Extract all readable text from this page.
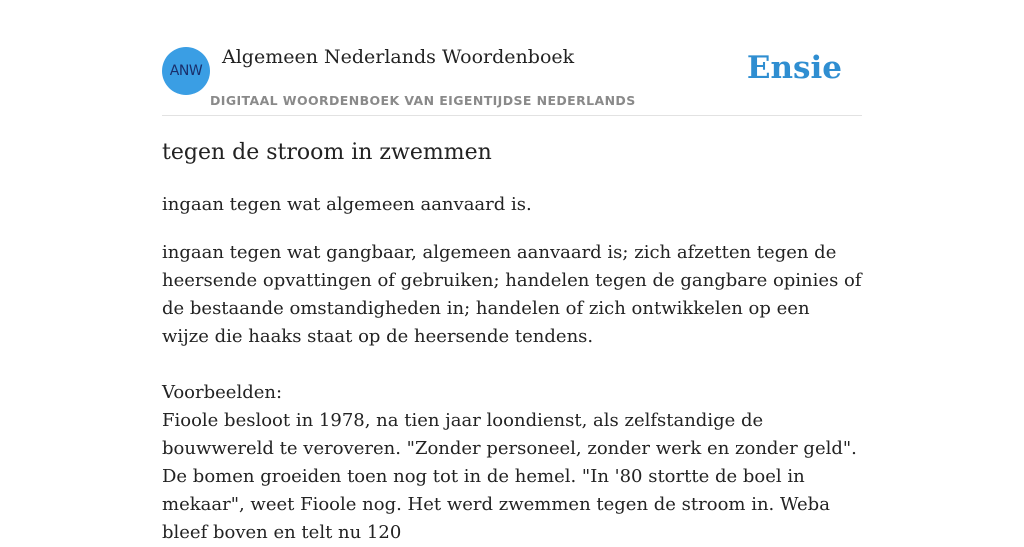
ANW
Algemeen Nederlands Woordenboek
DIGITAAL WOORDENBOEK VAN EIGENTIJDSE NEDERLANDS
Ensie
tegen de stroom in zwemmen
ingaan tegen wat algemeen aanvaard is.

ingaan tegen wat gangbaar, algemeen aanvaard is; zich afzetten tegen de heersende opvattingen of gebruiken; handelen tegen de gangbare opinies of de bestaande omstandigheden in; handelen of zich ontwikkelen op een wijze die haaks staat op de heersende tendens.

Voorbeelden:

Fioole besloot in 1978, na tien jaar loondienst, als zelfstandige de bouwwereld te veroveren. "Zonder personeel, zonder werk en zonder geld". De bomen groeiden toen nog tot in de hemel. "In '80 stortte de boel in mekaar", weet Fioole nog. Het werd zwemmen tegen de stroom in. Weba bleef boven en telt nu 120
